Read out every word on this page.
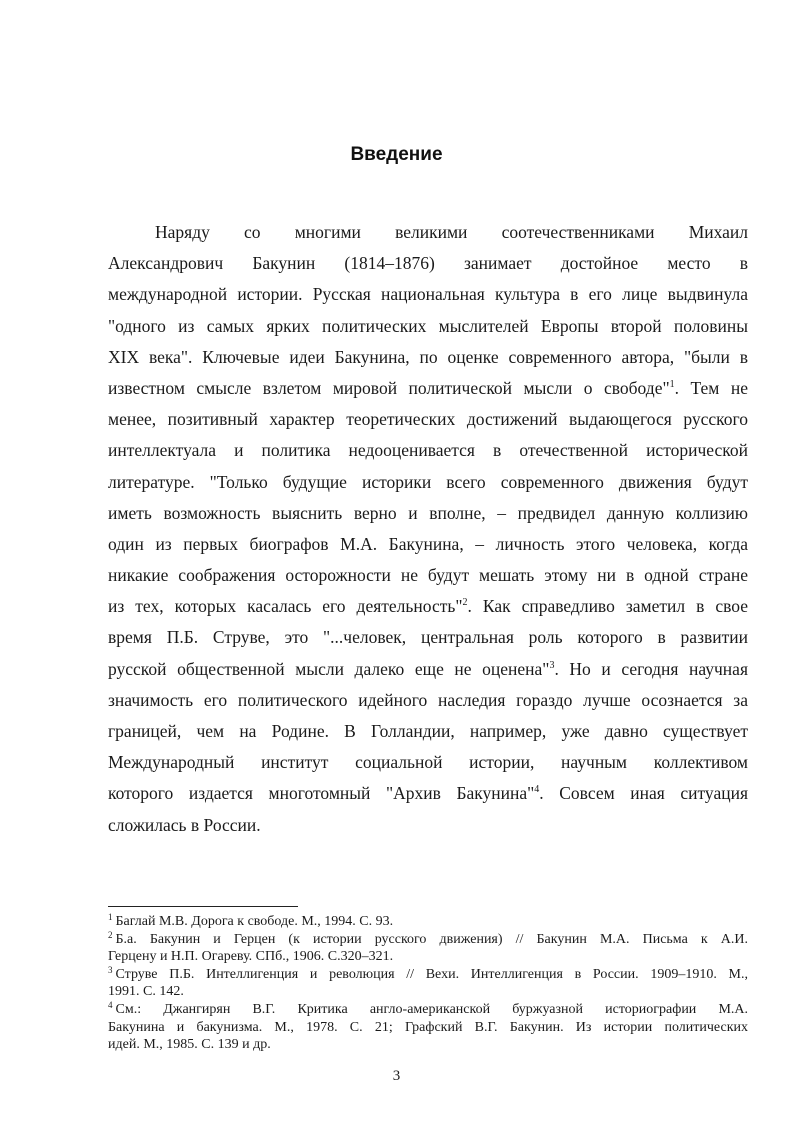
Введение
Наряду со многими великими соотечественниками Михаил
Александрович Бакунин (1814–1876) занимает достойное место в
международной истории. Русская национальная культура в его лице выдвинула
"одного из самых ярких политических мыслителей Европы второй половины
XIX века". Ключевые идеи Бакунина, по оценке современного автора, "были в
известном смысле взлетом мировой политической мысли о свободе"$^1$. Тем не
менее, позитивный характер теоретических достижений выдающегося русского
интеллектуала и политика недооценивается в отечественной исторической
литературе. "Только будущие историки всего современного движения будут
иметь возможность выяснить верно и вполне, – предвидел данную коллизию
один из первых биографов М.А. Бакунина, – личность этого человека, когда
никакие соображения осторожности не будут мешать этому ни в одной стране
из тех, которых касалась его деятельность"$^2$. Как справедливо заметил в свое
время П.Б. Струве, это "...человек, центральная роль которого в развитии
русской общественной мысли далеко еще не оценена"$^3$. Но и сегодня научная
значимость его политического идейного наследия гораздо лучше осознается за
границей, чем на Родине. В Голландии, например, уже давно существует
Международный институт социальной истории, научным коллективом
которого издается многотомный "Архив Бакунина"$^4$. Совсем иная ситуация
сложилась в России.
$^1$ Баглай М.В. Дорога к свободе. М., 1994. С. 93.
$^2$ Б.а. Бакунин и Герцен (к истории русского движения) // Бакунин М.А. Письма к А.И.
Герцену и Н.П. Огареву. СПб., 1906. С.320–321.
$^3$ Струве П.Б. Интеллигенция и революция // Вехи. Интеллигенция в России. 1909–1910. М.,
1991. С. 142.
$^4$ См.: Джангирян В.Г. Критика англо-американской буржуазной историографии М.А.
Бакунина и бакунизма. М., 1978. С. 21; Графский В.Г. Бакунин. Из истории политических
идей. М., 1985. С. 139 и др.
3
